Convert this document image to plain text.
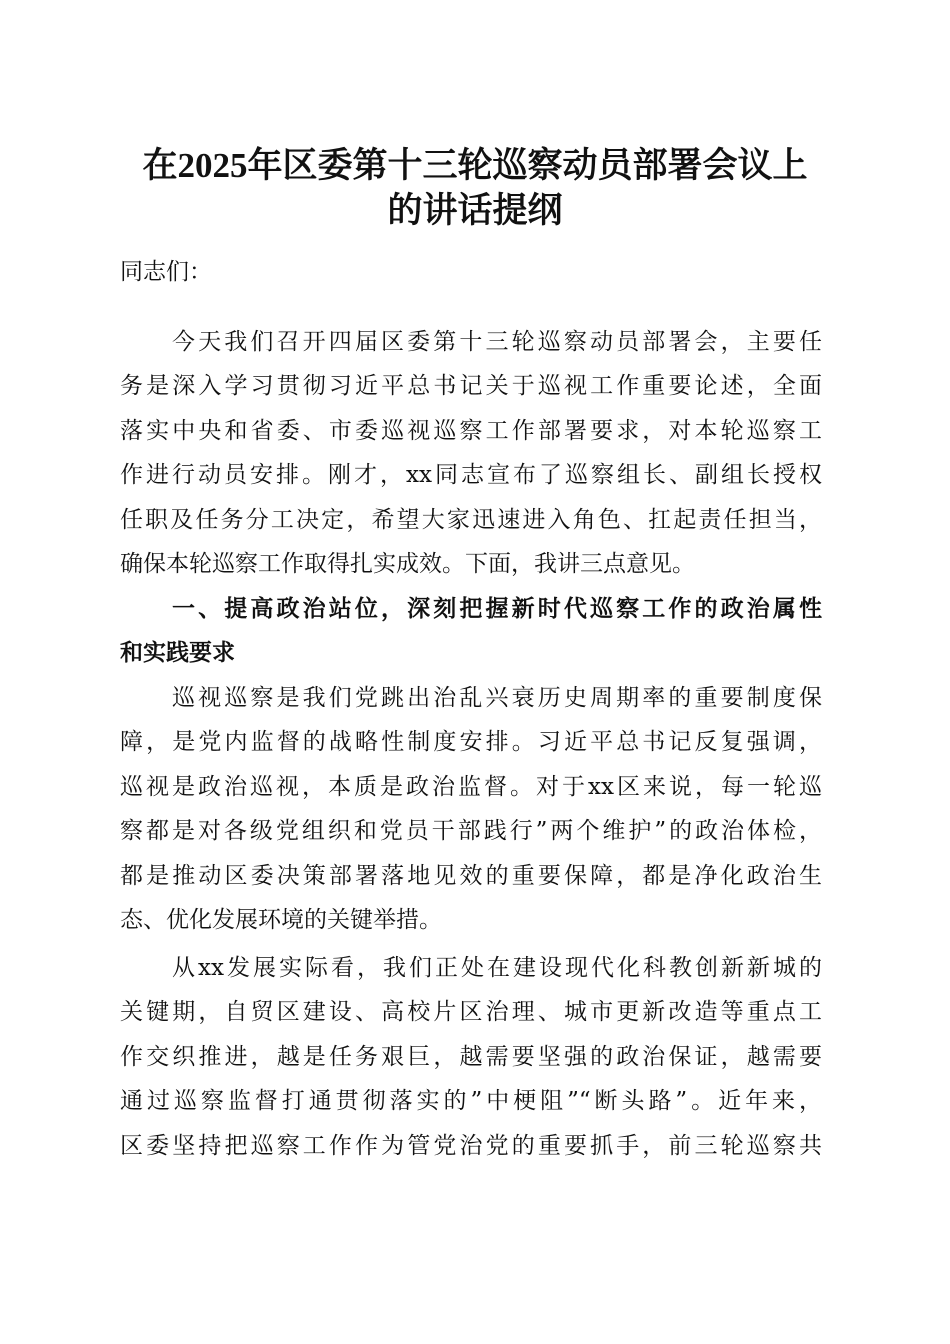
在2025年区委第十三轮巡察动员部署会议上
的讲话提纲
同志们：
今天我们召开四届区委第十三轮巡察动员部署会，主要任
务是深入学习贯彻习近平总书记关于巡视工作重要论述，全面
落实中央和省委、市委巡视巡察工作部署要求，对本轮巡察工
作进行动员安排。刚才，xx同志宣布了巡察组长、副组长授权
任职及任务分工决定，希望大家迅速进入角色、扛起责任担当，
确保本轮巡察工作取得扎实成效。下面，我讲三点意见。
一、提高政治站位，深刻把握新时代巡察工作的政治属性
和实践要求
巡视巡察是我们党跳出治乱兴衰历史周期率的重要制度保
障，是党内监督的战略性制度安排。习近平总书记反复强调，
巡视是政治巡视，本质是政治监督。对于xx区来说，每一轮巡
察都是对各级党组织和党员干部践行”两个维护”的政治体检，
都是推动区委决策部署落地见效的重要保障，都是净化政治生
态、优化发展环境的关键举措。
从xx发展实际看，我们正处在建设现代化科教创新新城的
关键期，自贸区建设、高校片区治理、城市更新改造等重点工
作交织推进，越是任务艰巨，越需要坚强的政治保证，越需要
通过巡察监督打通贯彻落实的”中梗阻”“断头路”。近年来，
区委坚持把巡察工作作为管党治党的重要抓手，前三轮巡察共
